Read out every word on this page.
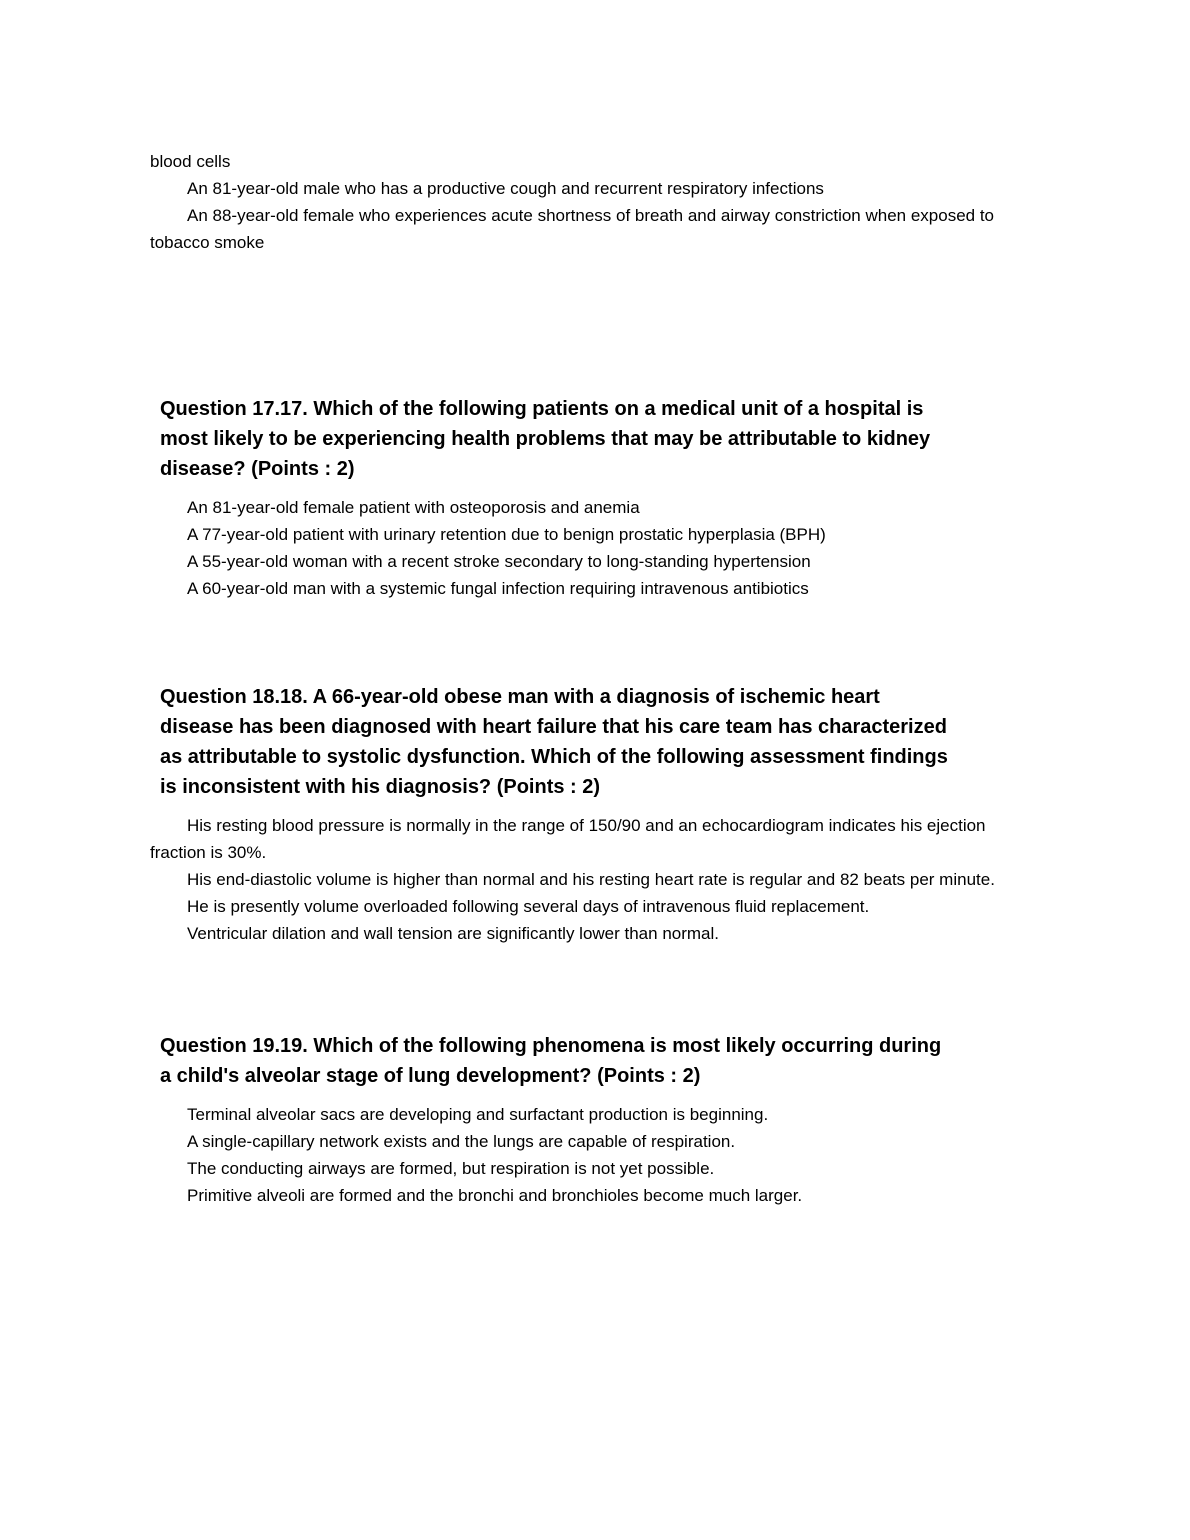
blood cells

An 81-year-old male who has a productive cough and recurrent respiratory infections

An 88-year-old female who experiences acute shortness of breath and airway constriction when exposed to tobacco smoke

Question 17.17. Which of the following patients on a medical unit of a hospital is most likely to be experiencing health problems that may be attributable to kidney disease? (Points : 2)

An 81-year-old female patient with osteoporosis and anemia

A 77-year-old patient with urinary retention due to benign prostatic hyperplasia (BPH)

A 55-year-old woman with a recent stroke secondary to long-standing hypertension

A 60-year-old man with a systemic fungal infection requiring intravenous antibiotics

Question 18.18. A 66-year-old obese man with a diagnosis of ischemic heart disease has been diagnosed with heart failure that his care team has characterized as attributable to systolic dysfunction. Which of the following assessment findings is inconsistent with his diagnosis? (Points : 2)

His resting blood pressure is normally in the range of 150/90 and an echocardiogram indicates his ejection fraction is 30%.

His end-diastolic volume is higher than normal and his resting heart rate is regular and 82 beats per minute.

He is presently volume overloaded following several days of intravenous fluid replacement.

Ventricular dilation and wall tension are significantly lower than normal.

Question 19.19. Which of the following phenomena is most likely occurring during a child's alveolar stage of lung development? (Points : 2)

Terminal alveolar sacs are developing and surfactant production is beginning.

A single-capillary network exists and the lungs are capable of respiration.

The conducting airways are formed, but respiration is not yet possible.

Primitive alveoli are formed and the bronchi and bronchioles become much larger.
